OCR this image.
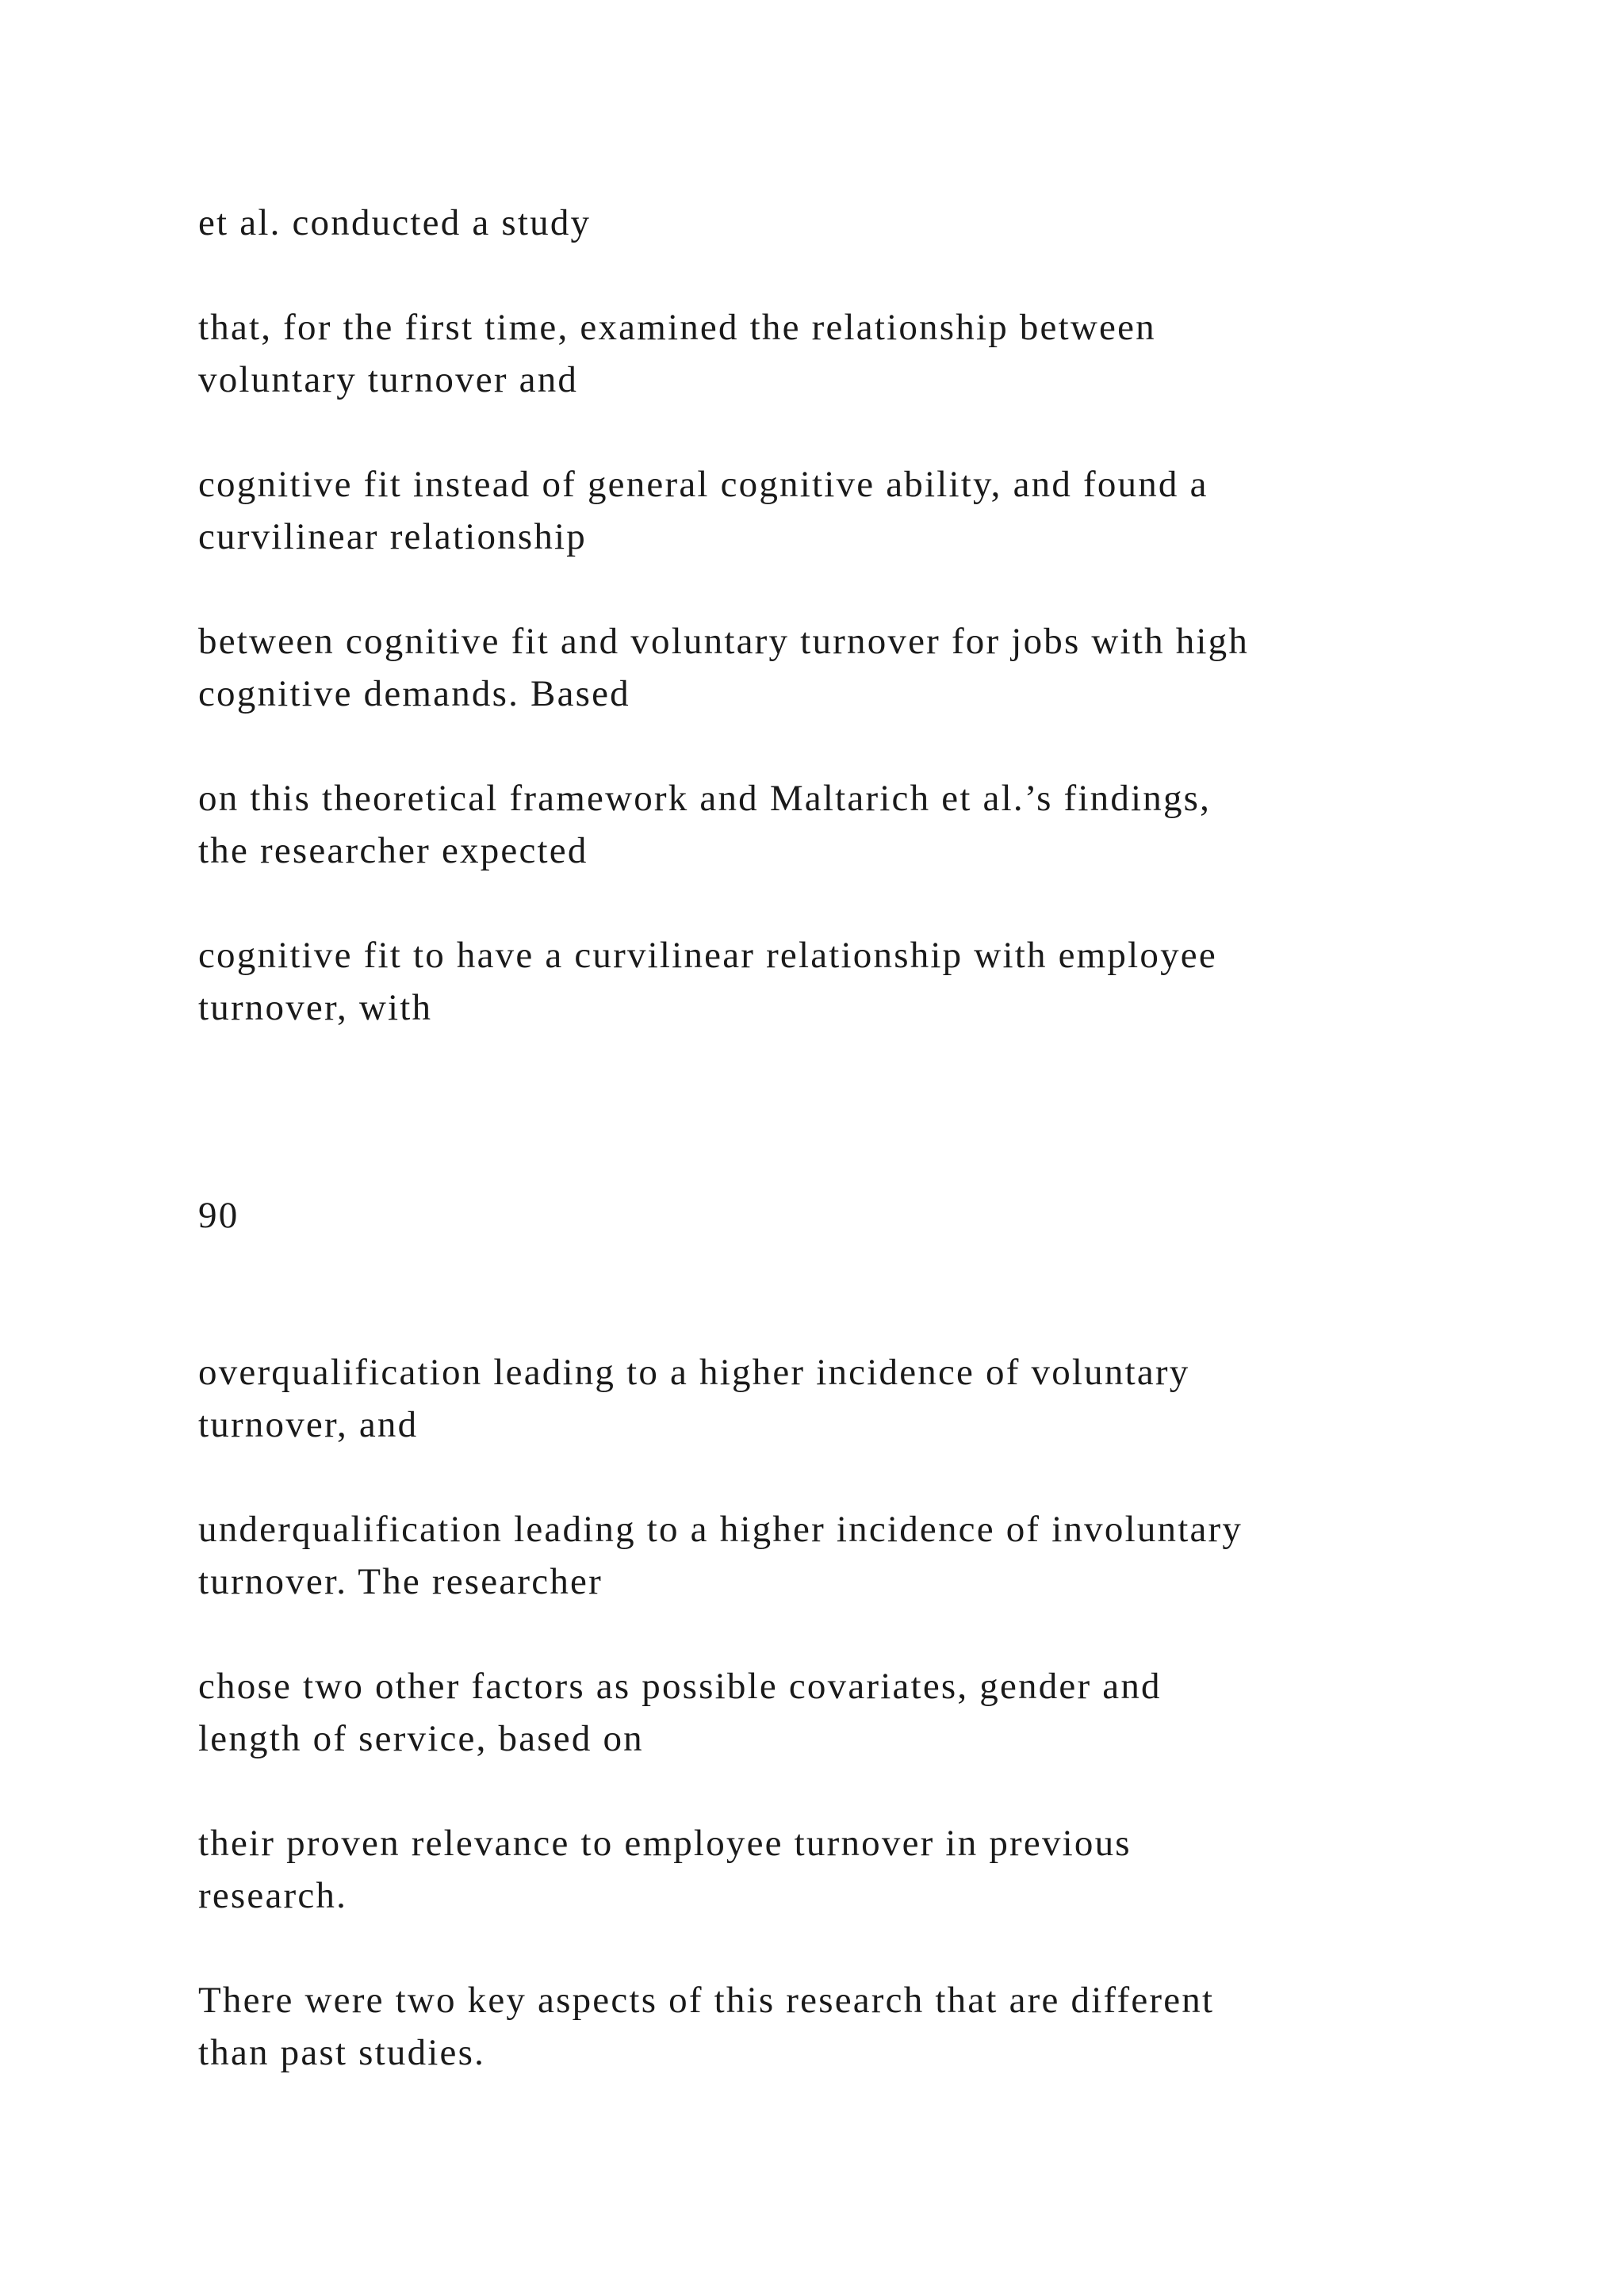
et al. conducted a study

that, for the first time, examined the relationship between
voluntary turnover and

cognitive fit instead of general cognitive ability, and found a
curvilinear relationship

between cognitive fit and voluntary turnover for jobs with high
cognitive demands. Based

on this theoretical framework and Maltarich et al.’s findings,
the researcher expected

cognitive fit to have a curvilinear relationship with employee
turnover, with

90

overqualification leading to a higher incidence of voluntary
turnover, and

underqualification leading to a higher incidence of involuntary
turnover. The researcher

chose two other factors as possible covariates, gender and
length of service, based on

their proven relevance to employee turnover in previous
research.

There were two key aspects of this research that are different
than past studies.
